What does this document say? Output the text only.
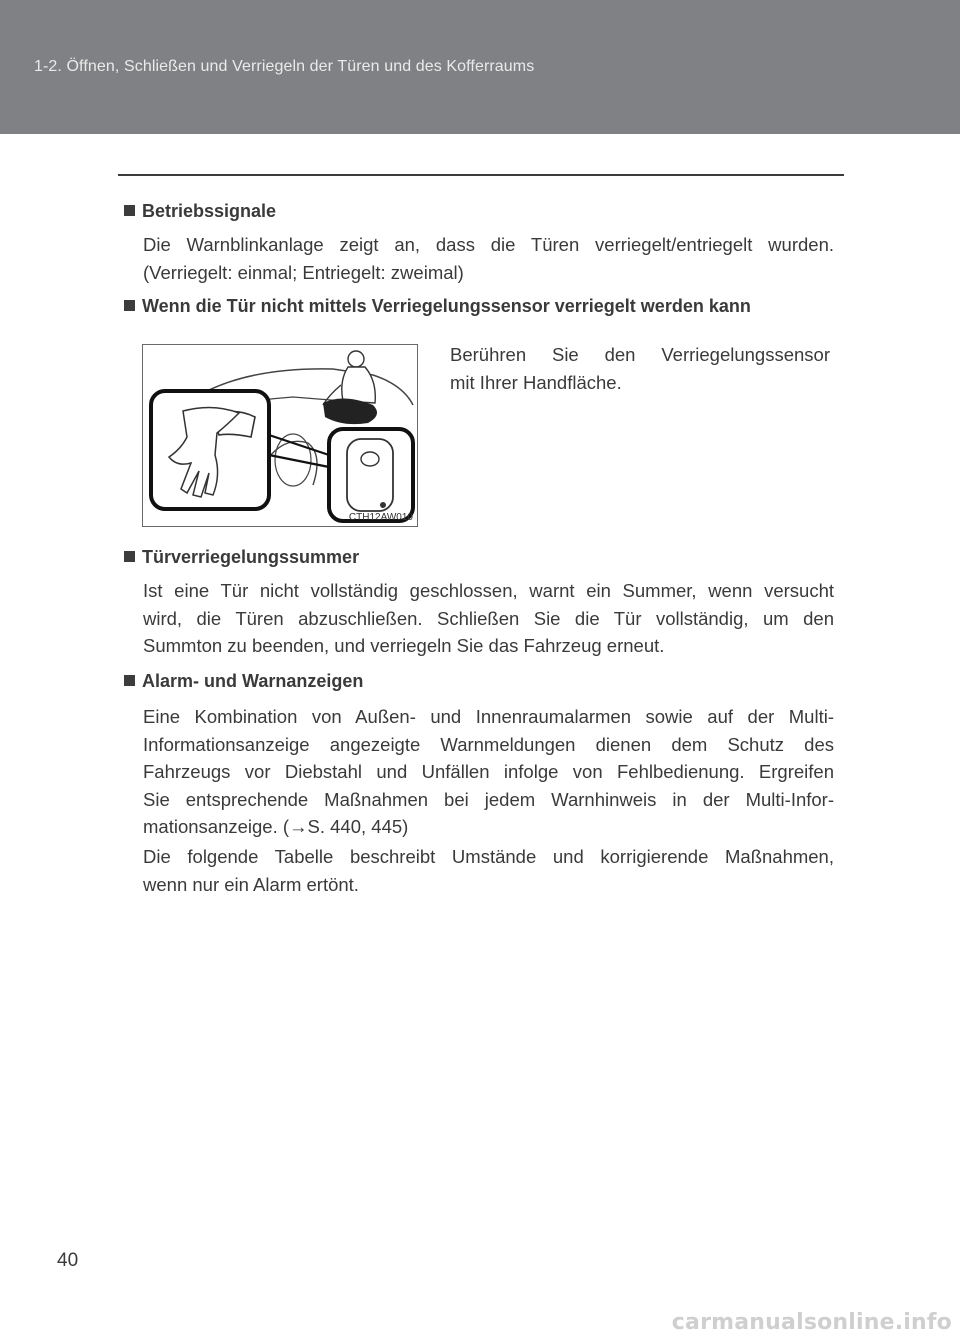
1-2. Öffnen, Schließen und Verriegeln der Türen und des Kofferraums
Betriebssignale
Die Warnblinkanlage zeigt an, dass die Türen verriegelt/entriegelt wurden.
(Verriegelt: einmal; Entriegelt: zweimal)
Wenn die Tür nicht mittels Verriegelungssensor verriegelt werden kann
CTH12AW010
Berühren Sie den Verriegelungssensor
mit Ihrer Handfläche.
Türverriegelungssummer
Ist eine Tür nicht vollständig geschlossen, warnt ein Summer, wenn versucht
wird, die Türen abzuschließen. Schließen Sie die Tür vollständig, um den
Summton zu beenden, und verriegeln Sie das Fahrzeug erneut.
Alarm- und Warnanzeigen
Eine Kombination von Außen- und Innenraumalarmen sowie auf der Multi-
Informationsanzeige angezeigte Warnmeldungen dienen dem Schutz des
Fahrzeugs vor Diebstahl und Unfällen infolge von Fehlbedienung. Ergreifen
Sie entsprechende Maßnahmen bei jedem Warnhinweis in der Multi-Infor-
mationsanzeige. (→S. 440, 445)
Die folgende Tabelle beschreibt Umstände und korrigierende Maßnahmen,
wenn nur ein Alarm ertönt.
40
carmanualsonline.info
